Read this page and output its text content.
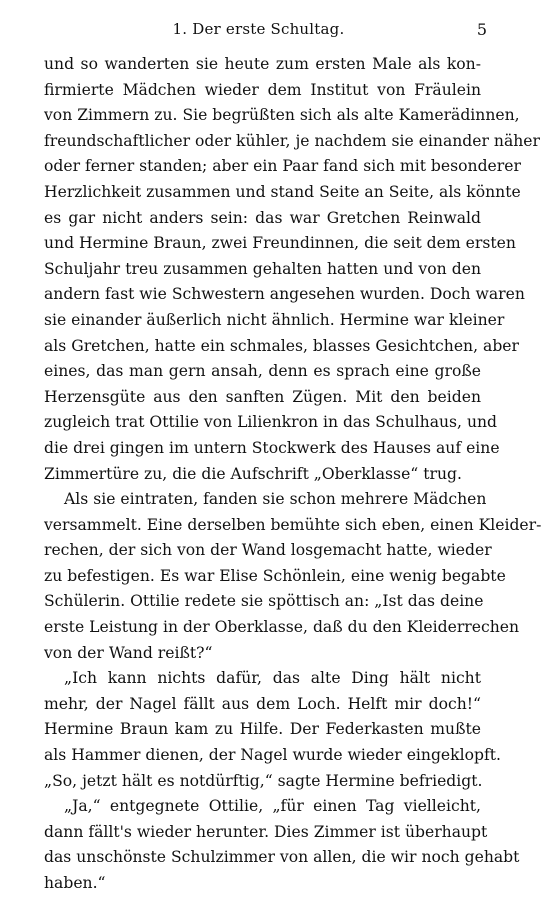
1. Der erste Schultag.	5
und so wanderten sie heute zum ersten Male als kon-
firmierte Mädchen wieder dem Institut von Fräulein
von Zimmern zu. Sie begrüßten sich als alte Kamerädinnen,
freundschaftlicher oder kühler, je nachdem sie einander näher
oder ferner standen; aber ein Paar fand sich mit besonderer
Herzlichkeit zusammen und stand Seite an Seite, als könnte
es gar nicht anders sein: das war Gretchen Reinwald
und Hermine Braun, zwei Freundinnen, die seit dem ersten
Schuljahr treu zusammen gehalten hatten und von den
andern fast wie Schwestern angesehen wurden. Doch waren
sie einander äußerlich nicht ähnlich. Hermine war kleiner
als Gretchen, hatte ein schmales, blasses Gesichtchen, aber
eines, das man gern ansah, denn es sprach eine große
Herzensgüte aus den sanften Zügen. Mit den beiden
zugleich trat Ottilie von Lilienkron in das Schulhaus, und
die drei gingen im untern Stockwerk des Hauses auf eine
Zimmertüre zu, die die Aufschrift „Oberklasse“ trug.
Als sie eintraten, fanden sie schon mehrere Mädchen
versammelt. Eine derselben bemühte sich eben, einen Kleider-
rechen, der sich von der Wand losgemacht hatte, wieder
zu befestigen. Es war Elise Schönlein, eine wenig begabte
Schülerin. Ottilie redete sie spöttisch an: „Ist das deine
erste Leistung in der Oberklasse, daß du den Kleiderrechen
von der Wand reißt?“
„Ich kann nichts dafür, das alte Ding hält nicht
mehr, der Nagel fällt aus dem Loch. Helft mir doch!“
Hermine Braun kam zu Hilfe. Der Federkasten mußte
als Hammer dienen, der Nagel wurde wieder eingeklopft.
„So, jetzt hält es notdürftig,“ sagte Hermine befriedigt.
„Ja,“ entgegnete Ottilie, „für einen Tag vielleicht,
dann fällt's wieder herunter. Dies Zimmer ist überhaupt
das unschönste Schulzimmer von allen, die wir noch gehabt
haben.“
